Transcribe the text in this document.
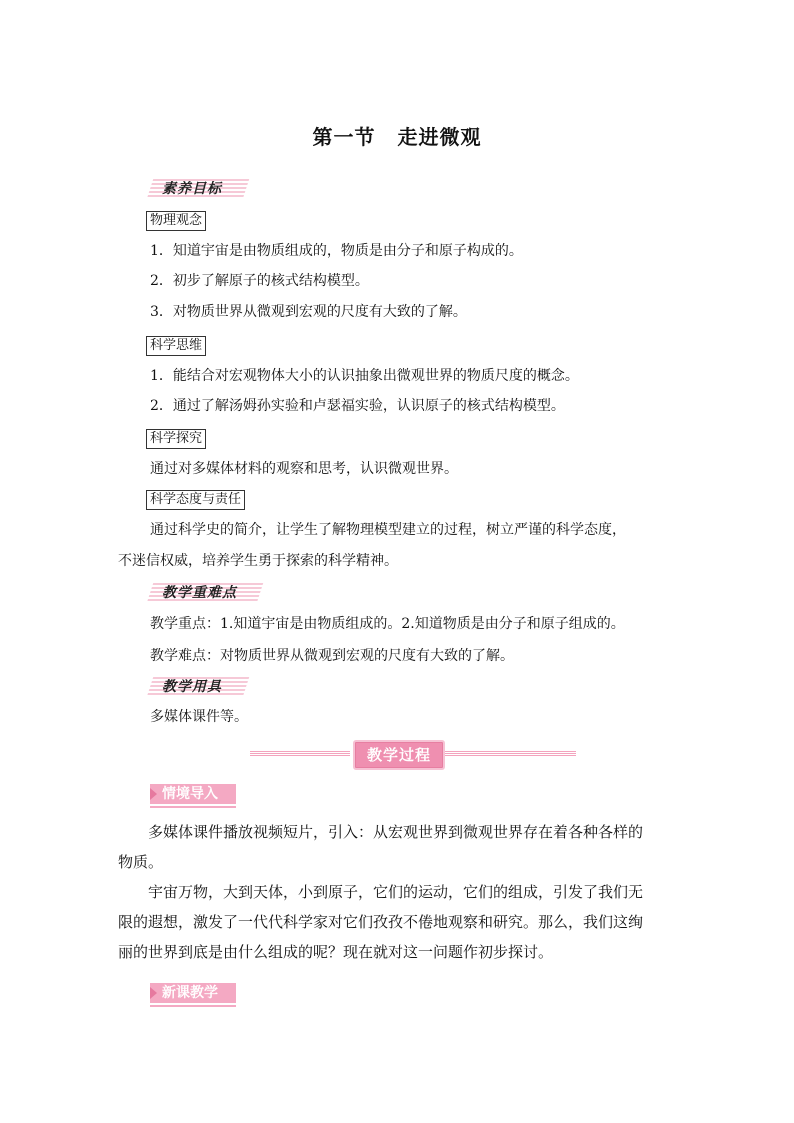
第一节 走进微观
素养目标
物理观念
1．知道宇宙是由物质组成的，物质是由分子和原子构成的。
2．初步了解原子的核式结构模型。
3．对物质世界从微观到宏观的尺度有大致的了解。
科学思维
1．能结合对宏观物体大小的认识抽象出微观世界的物质尺度的概念。
2．通过了解汤姆孙实验和卢瑟福实验，认识原子的核式结构模型。
科学探究
通过对多媒体材料的观察和思考，认识微观世界。
科学态度与责任
通过科学史的简介，让学生了解物理模型建立的过程，树立严谨的科学态度，
不迷信权威，培养学生勇于探索的科学精神。
教学重难点
教学重点：1.知道宇宙是由物质组成的。2.知道物质是由分子和原子组成的。
教学难点：对物质世界从微观到宏观的尺度有大致的了解。
教学用具
多媒体课件等。
教学过程
情境导入
多媒体课件播放视频短片，引入：从宏观世界到微观世界存在着各种各样的
物质。
宇宙万物，大到天体，小到原子，它们的运动，它们的组成，引发了我们无
限的遐想，激发了一代代科学家对它们孜孜不倦地观察和研究。那么，我们这绚
丽的世界到底是由什么组成的呢？现在就对这一问题作初步探讨。
新课教学
